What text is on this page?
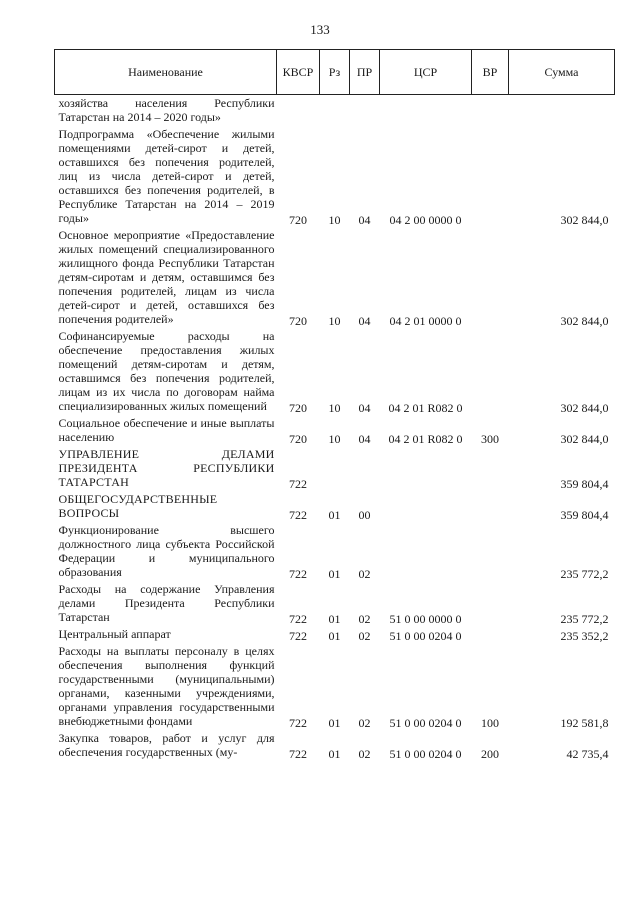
133
Наименование	КВСР	Рз	ПР	ЦСР	ВР	Сумма
хозяйства населения Республики Татарстан на 2014 – 2020 годы»						
Подпрограмма «Обеспечение жилыми помещениями детей-сирот и детей, оставшихся без попечения родителей, лиц из числа детей-сирот и детей, оставшихся без попечения родителей, в Республике Татарстан на 2014 – 2019 годы»	720	10	04	04 2 00 0000 0		302 844,0
Основное мероприятие «Предоставление жилых помещений специализированного жилищного фонда Республики Татарстан детям-сиротам и детям, оставшимся без попечения родителей, лицам из числа детей-сирот и детей, оставшихся без попечения родителей»	720	10	04	04 2 01 0000 0		302 844,0
Софинансируемые расходы на обеспечение предоставления жилых помещений детям-сиротам и детям, оставшимся без попечения родителей, лицам из их числа по договорам найма специализированных жилых помещений	720	10	04	04 2 01 R082 0		302 844,0
Социальное обеспечение и иные выплаты населению	720	10	04	04 2 01 R082 0	300	302 844,0
УПРАВЛЕНИЕ ДЕЛАМИ ПРЕЗИДЕНТА РЕСПУБЛИКИ ТАТАРСТАН	722					359 804,4
ОБЩЕГОСУДАРСТВЕННЫЕ ВОПРОСЫ	722	01	00			359 804,4
Функционирование высшего должностного лица субъекта Российской Федерации и муниципального образования	722	01	02			235 772,2
Расходы на содержание Управления делами Президента Республики Татарстан	722	01	02	51 0 00 0000 0		235 772,2
Центральный аппарат	722	01	02	51 0 00 0204 0		235 352,2
Расходы на выплаты персоналу в целях обеспечения выполнения функций государственными (муниципальными) органами, казенными учреждениями, органами управления государственными внебюджетными фондами	722	01	02	51 0 00 0204 0	100	192 581,8
Закупка товаров, работ и услуг для обеспечения государственных (му-	722	01	02	51 0 00 0204 0	200	42 735,4
